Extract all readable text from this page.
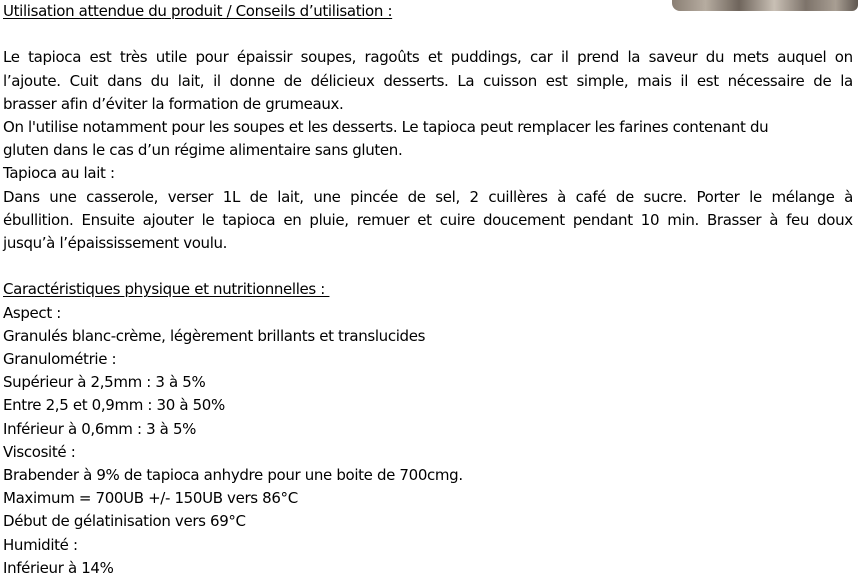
Utilisation attendue du produit / Conseils d’utilisation :
Le tapioca est très utile pour épaissir soupes, ragoûts et puddings, car il prend la saveur du mets auquel on
l’ajoute. Cuit dans du lait, il donne de délicieux desserts. La cuisson est simple, mais il est nécessaire de la
brasser afin d’éviter la formation de grumeaux.
On l'utilise notamment pour les soupes et les desserts. Le tapioca peut remplacer les farines contenant du
gluten dans le cas d’un régime alimentaire sans gluten.
Tapioca au lait :
Dans une casserole, verser 1L de lait, une pincée de sel, 2 cuillères à café de sucre. Porter le mélange à
ébullition. Ensuite ajouter le tapioca en pluie, remuer et cuire doucement pendant 10 min. Brasser à feu doux
jusqu’à l’épaississement voulu.
Caractéristiques physique et nutritionnelles :
Aspect :
Granulés blanc-crème, légèrement brillants et translucides
Granulométrie :
Supérieur à 2,5mm : 3 à 5%
Entre 2,5 et 0,9mm : 30 à 50%
Inférieur à 0,6mm : 3 à 5%
Viscosité :
Brabender à 9% de tapioca anhydre pour une boite de 700cmg.
Maximum = 700UB +/- 150UB vers 86°C
Début de gélatinisation vers 69°C
Humidité :
Inférieur à 14%
